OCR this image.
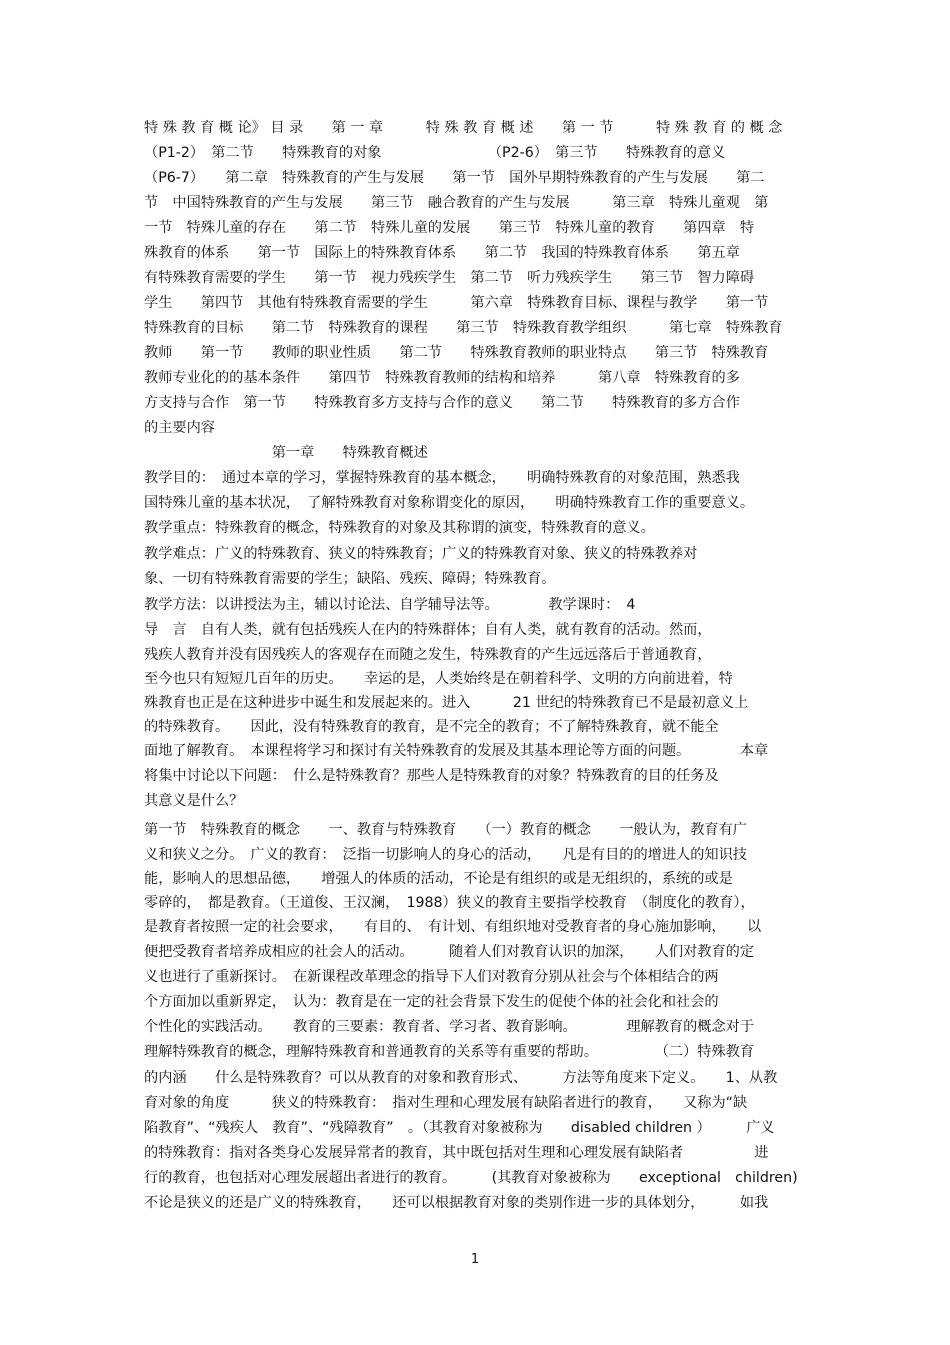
特 殊 教 育 概 论》 目 录　　第 一 章　　　特 殊 教 育 概 述　　第 一 节　　　特 殊 教 育 的 概 念
（P1-2）　第二节　　特殊教育的对象　　　　　　　　（P2-6）　第三节　　特殊教育的意义
（P6-7）　　第二章　特殊教育的产生与发展　　第一节　国外早期特殊教育的产生与发展　　第二
节　中国特殊教育的产生与发展　　第三节　融合教育的产生与发展　　　第三章　特殊儿童观　第
一节　特殊儿童的存在　　第二节　特殊儿童的发展　　第三节　特殊儿童的教育　　第四章　特
殊教育的体系　　第一节　国际上的特殊教育体系　　第二节　我国的特殊教育体系　　第五章
有特殊教育需要的学生　　第一节　视力残疾学生　第二节　听力残疾学生　　第三节　智力障碍
学生　　第四节　其他有特殊教育需要的学生　　　第六章　特殊教育目标、课程与教学　　第一节
特殊教育的目标　　第二节　特殊教育的课程　　第三节　特殊教育教学组织　　　第七章　特殊教育
教师　　第一节　　教师的职业性质　　第二节　　特殊教育教师的职业特点　　第三节　特殊教育
教师专业化的的基本条件　　第四节　特殊教育教师的结构和培养　　　第八章　特殊教育的多
方支持与合作　第一节　　特殊教育多方支持与合作的意义　　第二节　　特殊教育的多方合作
的主要内容
　　　　　　　　　第一章　　特殊教育概述
教学目的：　通过本章的学习，掌握特殊教育的基本概念，　　明确特殊教育的对象范围，熟悉我
国特殊儿童的基本状况，　了解特殊教育对象称谓变化的原因，　　明确特殊教育工作的重要意义。
教学重点：特殊教育的概念，特殊教育的对象及其称谓的演变，特殊教育的意义。
教学难点：广义的特殊教育、狭义的特殊教育；广义的特殊教育对象、狭义的特殊教养对
象、一切有特殊教育需要的学生；缺陷、残疾、障碍；特殊教育。
教学方法：以讲授法为主，辅以讨论法、自学辅导法等。　　　　教学课时：　4
导　言　自有人类，就有包括残疾人在内的特殊群体；自有人类，就有教育的活动。然而，
残疾人教育并没有因残疾人的客观存在而随之发生，特殊教育的产生远远落后于普通教育，
至今也只有短短几百年的历史。　　幸运的是，人类始终是在朝着科学、文明的方向前进着，特
殊教育也正是在这种进步中诞生和发展起来的。进入　　　21 世纪的特殊教育已不是最初意义上
的特殊教育。　　因此，没有特殊教育的教育，是不完全的教育；不了解特殊教育，就不能全
面地了解教育。　本课程将学习和探讨有关特殊教育的发展及其基本理论等方面的问题。　　　　本章
将集中讨论以下问题：　什么是特殊教育？那些人是特殊教育的对象？特殊教育的目的任务及
其意义是什么？
第一节　特殊教育的概念　　一、教育与特殊教育　　（一）教育的概念　　一般认为，教育有广
义和狭义之分。　广义的教育：　泛指一切影响人的身心的活动，　　凡是有目的的增进人的知识技
能，影响人的思想品德，　　增强人的体质的活动，不论是有组织的或是无组织的，系统的或是
零碎的，　都是教育。（王道俊、王汉澜，　1988）狭义的教育主要指学校教育　（制度化的教育），
是教育者按照一定的社会要求，　　有目的、　有计划、有组织地对受教育者的身心施加影响，　　以
便把受教育者培养成相应的社会人的活动。　　　随着人们对教育认识的加深，　　人们对教育的定
义也进行了重新探讨。　在新课程改革理念的指导下人们对教育分别从社会与个体相结合的两
个方面加以重新界定，　认为：教育是在一定的社会背景下发生的促使个体的社会化和社会的
个性化的实践活动。　　教育的三要素：教育者、学习者、教育影响。　　　　理解教育的概念对于
理解特殊教育的概念，理解特殊教育和普通教育的关系等有重要的帮助。　　　　　（二）特殊教育
的内涵　　什么是特殊教育？可以从教育的对象和教育形式、　　　方法等角度来下定义。　　1、从教
育对象的角度　　　狭义的特殊教育：　指对生理和心理发展有缺陷者进行的教育，　　又称为“缺
陷教育”、“残疾人　教育”、“残障教育”　。（其教育对象被称为　　disabled children ）　　　广义
的特殊教育：指对各类身心发展异常者的教育，其中既包括对生理和心理发展有缺陷者　　　　　进
行的教育，也包括对心理发展超出者进行的教育。　　　(其教育对象被称为　　exceptional　children)
不论是狭义的还是广义的特殊教育，　　还可以根据教育对象的类别作进一步的具体划分，　　　如我
1
